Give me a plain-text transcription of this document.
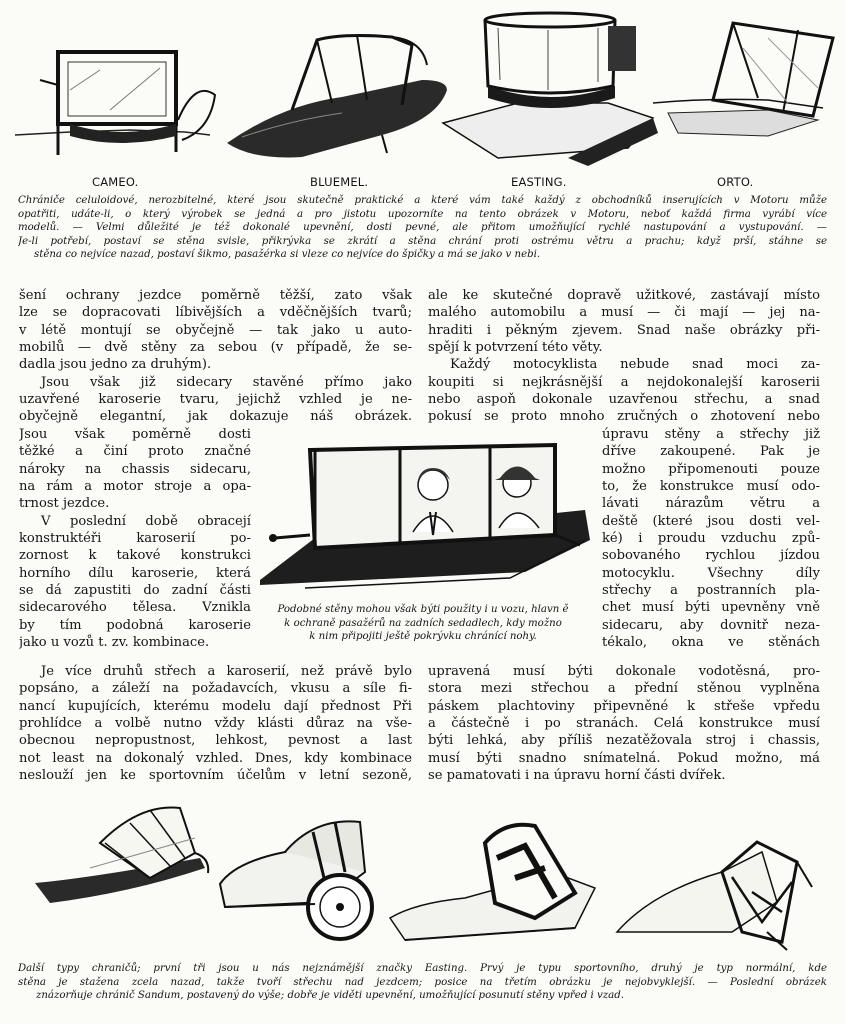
CAMEO.	BLUEMEL.	EASTING.	ORTO.
Chrániče celuloidové, nerozbitelné, které jsou skutečně praktické a které vám také každý z obchodníků inserujících v Motoru může
opatřiti, udáte-li, o který výrobek se jedná a pro jistotu upozorníte na tento obrázek v Motoru, neboť každá firma vyrábí více
modelů. — Velmi důležité je též dokonalé upevnění, dosti pevné, ale přitom umožňující rychlé nastupování a vystupování. —
Je-li potřebí, postaví se stěna svisle, přikrývka se zkrátí a stěna chrání proti ostrému větru a prachu; když prší, stáhne se
stěna co nejvíce nazad, postaví šikmo, pasažérka si vleze co nejvíce do špičky a má se jako v nebi.
šení ochrany jezdce poměrně těžší, zato však
lze se dopracovati líbivějších a vděčnějších tvarů;
v létě montují se obyčejně — tak jako u auto-
mobilů — dvě stěny za sebou (v případě, že se-
dadla jsou jedno za druhým).
Jsou však již sidecary stavěné přímo jako
uzavřené karoserie tvaru, jejichž vzhled je ne-
obyčejně elegantní, jak dokazuje náš obrázek.
Jsou však poměrně dosti
těžké a činí proto značné
nároky na chassis sidecaru,
na rám a motor stroje a opa-
trnost jezdce.
V poslední době obracejí
konstruktéři karoserií po-
zornost k takové konstrukci
horního dílu karoserie, která
se dá zapustiti do zadní části
sidecarového tělesa. Vznikla
by tím podobná karoserie
jako u vozů t. zv. kombinace.
Je více druhů střech a karoserií, než právě bylo
popsáno, a záleží na požadavcích, vkusu a síle fi-
nancí kupujících, kterému modelu dají přednost Při
prohlídce a volbě nutno vždy klásti důraz na vše-
obecnou nepropustnost, lehkost, pevnost a last
not least na dokonalý vzhled. Dnes, kdy kombinace
neslouží jen ke sportovním účelům v letní sezoně,
ale ke skutečné dopravě užitkové, zastávají místo
malého automobilu a musí — či mají — jej na-
hraditi i pěkným zjevem. Snad naše obrázky při-
spějí k potvrzení této věty.
Každý motocyklista nebude snad moci za-
koupiti si nejkrásnější a nejdokonalejší karoserii
nebo aspoň dokonale uzavřenou střechu, a snad
pokusí se proto mnoho zručných o zhotovení nebo
úpravu stěny a střechy již
dříve zakoupené. Pak je
možno připomenouti pouze
to, že konstrukce musí odo-
lávati nárazům větru a
deště (které jsou dosti vel-
ké) i proudu vzduchu způ-
sobovaného rychlou jízdou
motocyklu. Všechny díly
střechy a postranních pla-
chet musí býti upevněny vně
sidecaru, aby dovnitř neza-
tékalo, okna ve stěnách
upravená musí býti dokonale vodotěsná, pro-
stora mezi střechou a přední stěnou vyplněna
páskem plachtoviny připevněné k střeše vpředu
a částečně i po stranách. Celá konstrukce musí
býti lehká, aby příliš nezatěžovala stroj i chassis,
musí býti snadno snímatelná. Pokud možno, má
se pamatovati i na úpravu horní části dvířek.
Podobné stěny mohou však býti použity i u vozu, hlavn ě
k ochraně pasažérů na zadních sedadlech, kdy možno
k nim připojiti ještě pokrývku chránící nohy.
Další typy chraničů; první tři jsou u nás nejznámější značky Easting. Prvý je typu sportovního, druhý je typ normální, kde
stěna je stažena zcela nazad, takže tvoří střechu nad jezdcem; posice na třetím obrázku je nejobvyklejší. — Poslední obrázek
znázorňuje chránič Sandum, postavený do výše; dobře je viděti upevnění, umožňující posunutí stěny vpřed i vzad.
